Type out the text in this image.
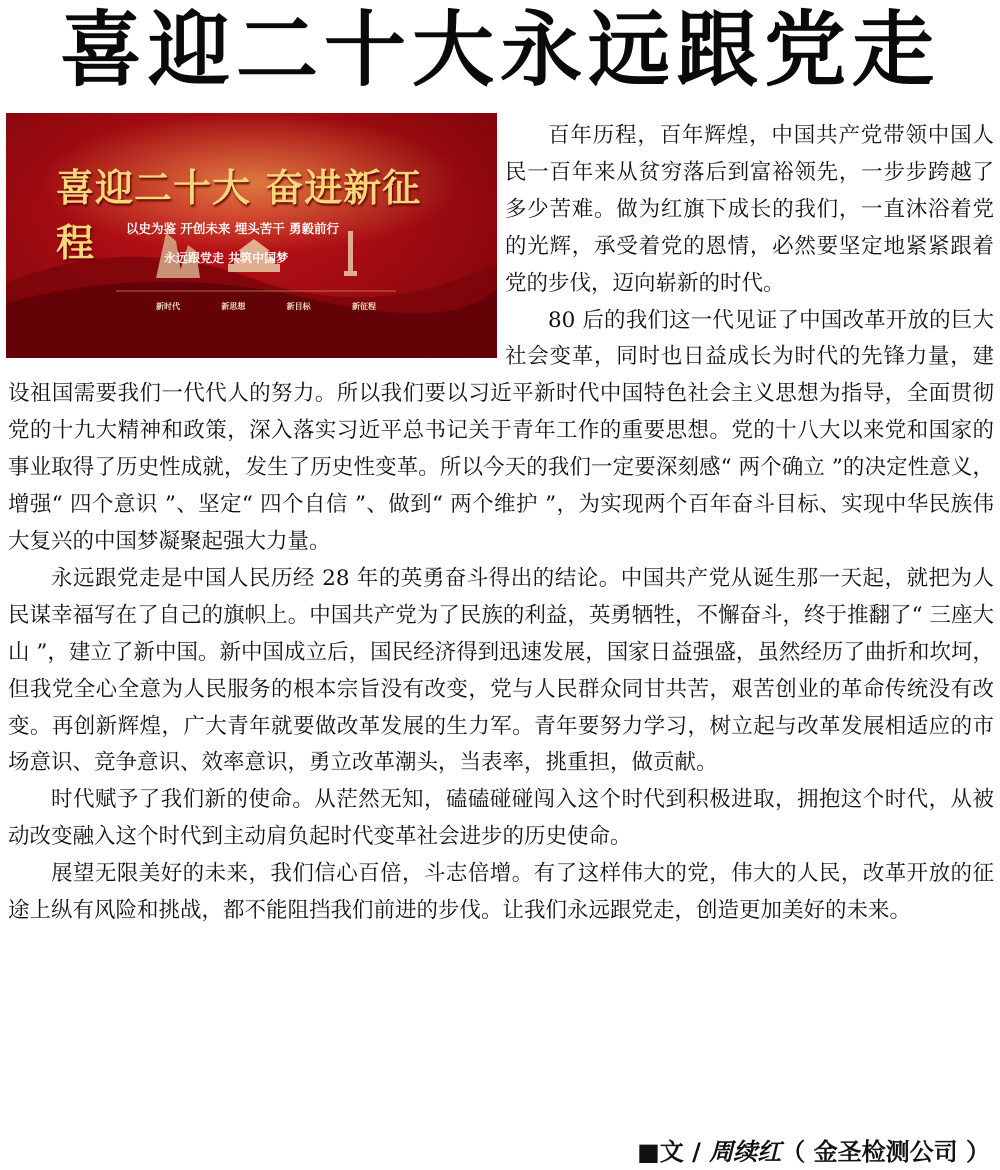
喜迎二十大永远跟党走
喜迎二十大 奋进新征程	以史为鉴 开创未来 埋头苦干 勇毅前行
永远跟党走 共筑中国梦
新时代	新思想	新目标	新征程

百年历程，百年辉煌，中国共产党带领中国人民一百年来从贫穷落后到富裕领先，一步步跨越了多少苦难。做为红旗下成长的我们，一直沐浴着党的光辉，承受着党的恩情，必然要坚定地紧紧跟着党的步伐，迈向崭新的时代。

80 后的我们这一代见证了中国改革开放的巨大社会变革，同时也日益成长为时代的先锋力量，建设祖国需要我们一代代人的努力。所以我们要以习近平新时代中国特色社会主义思想为指导，全面贯彻党的十九大精神和政策，深入落实习近平总书记关于青年工作的重要思想。党的十八大以来党和国家的事业取得了历史性成就，发生了历史性变革。所以今天的我们一定要深刻感“ 两个确立 ”的决定性意义，增强“ 四个意识 ”、坚定“ 四个自信 ”、做到“ 两个维护 ”，为实现两个百年奋斗目标、实现中华民族伟大复兴的中国梦凝聚起强大力量。

永远跟党走是中国人民历经 28 年的英勇奋斗得出的结论。中国共产党从诞生那一天起，就把为人民谋幸福写在了自己的旗帜上。中国共产党为了民族的利益，英勇牺牲，不懈奋斗，终于推翻了“ 三座大山 ”，建立了新中国。新中国成立后，国民经济得到迅速发展，国家日益强盛，虽然经历了曲折和坎坷，但我党全心全意为人民服务的根本宗旨没有改变，党与人民群众同甘共苦，艰苦创业的革命传统没有改变。再创新辉煌，广大青年就要做改革发展的生力军。青年要努力学习，树立起与改革发展相适应的市场意识、竞争意识、效率意识，勇立改革潮头，当表率，挑重担，做贡献。

时代赋予了我们新的使命。从茫然无知，磕磕碰碰闯入这个时代到积极进取，拥抱这个时代，从被动改变融入这个时代到主动肩负起时代变革社会进步的历史使命。

展望无限美好的未来，我们信心百倍，斗志倍增。有了这样伟大的党，伟大的人民，改革开放的征途上纵有风险和挑战，都不能阻挡我们前进的步伐。让我们永远跟党走，创造更加美好的未来。

■文 / 周续红（ 金圣检测公司 ）
